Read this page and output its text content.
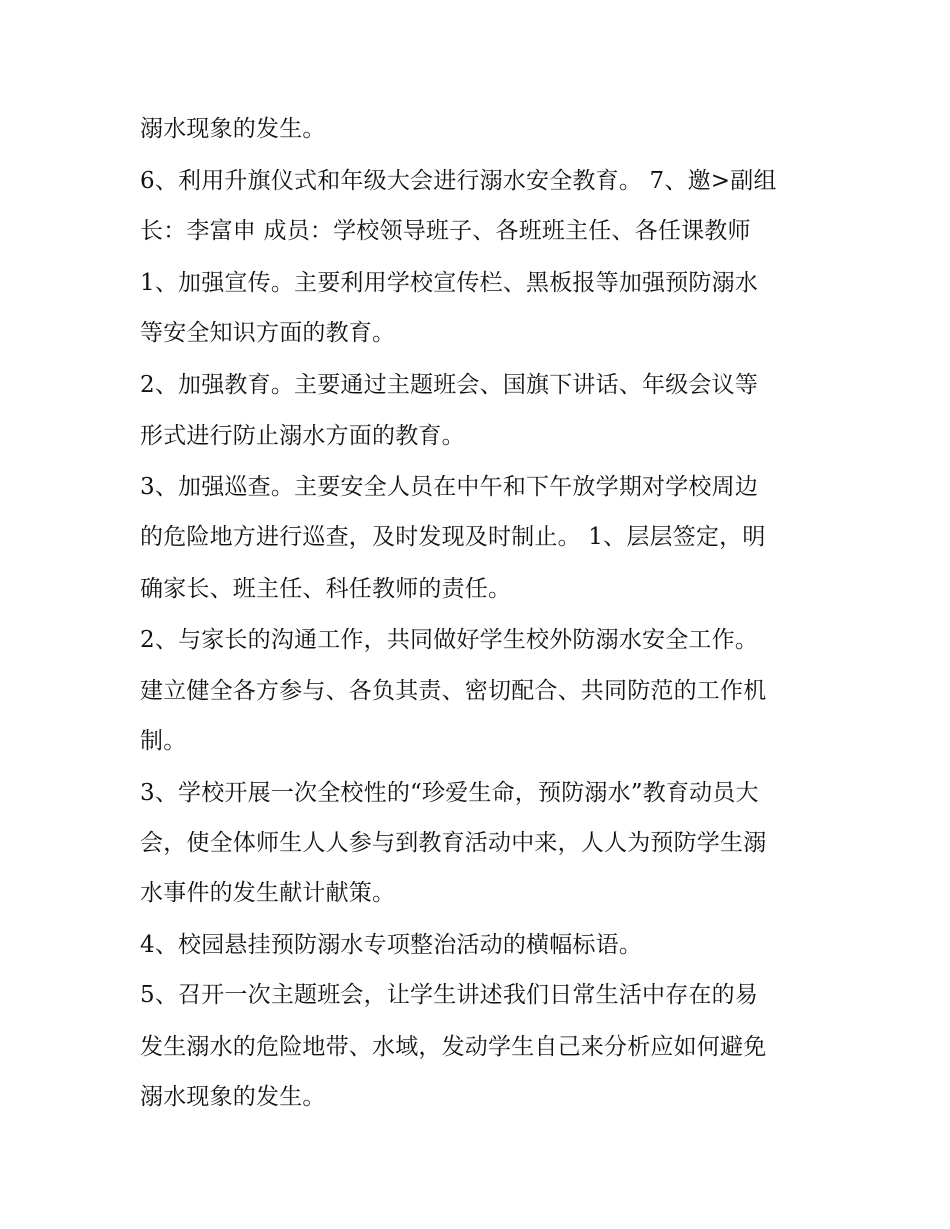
溺水现象的发生。
6、利用升旗仪式和年级大会进行溺水安全教育。 7、邀>副组
长：李富申 成员：学校领导班子、各班班主任、各任课教师
1、加强宣传。主要利用学校宣传栏、黑板报等加强预防溺水
等安全知识方面的教育。
2、加强教育。主要通过主题班会、国旗下讲话、年级会议等
形式进行防止溺水方面的教育。
3、加强巡查。主要安全人员在中午和下午放学期对学校周边
的危险地方进行巡查，及时发现及时制止。 1、层层签定，明
确家长、班主任、科任教师的责任。
2、与家长的沟通工作，共同做好学生校外防溺水安全工作。
建立健全各方参与、各负其责、密切配合、共同防范的工作机
制。
3、学校开展一次全校性的“珍爱生命，预防溺水”教育动员大
会，使全体师生人人参与到教育活动中来，人人为预防学生溺
水事件的发生献计献策。
4、校园悬挂预防溺水专项整治活动的横幅标语。
5、召开一次主题班会，让学生讲述我们日常生活中存在的易
发生溺水的危险地带、水域，发动学生自己来分析应如何避免
溺水现象的发生。
